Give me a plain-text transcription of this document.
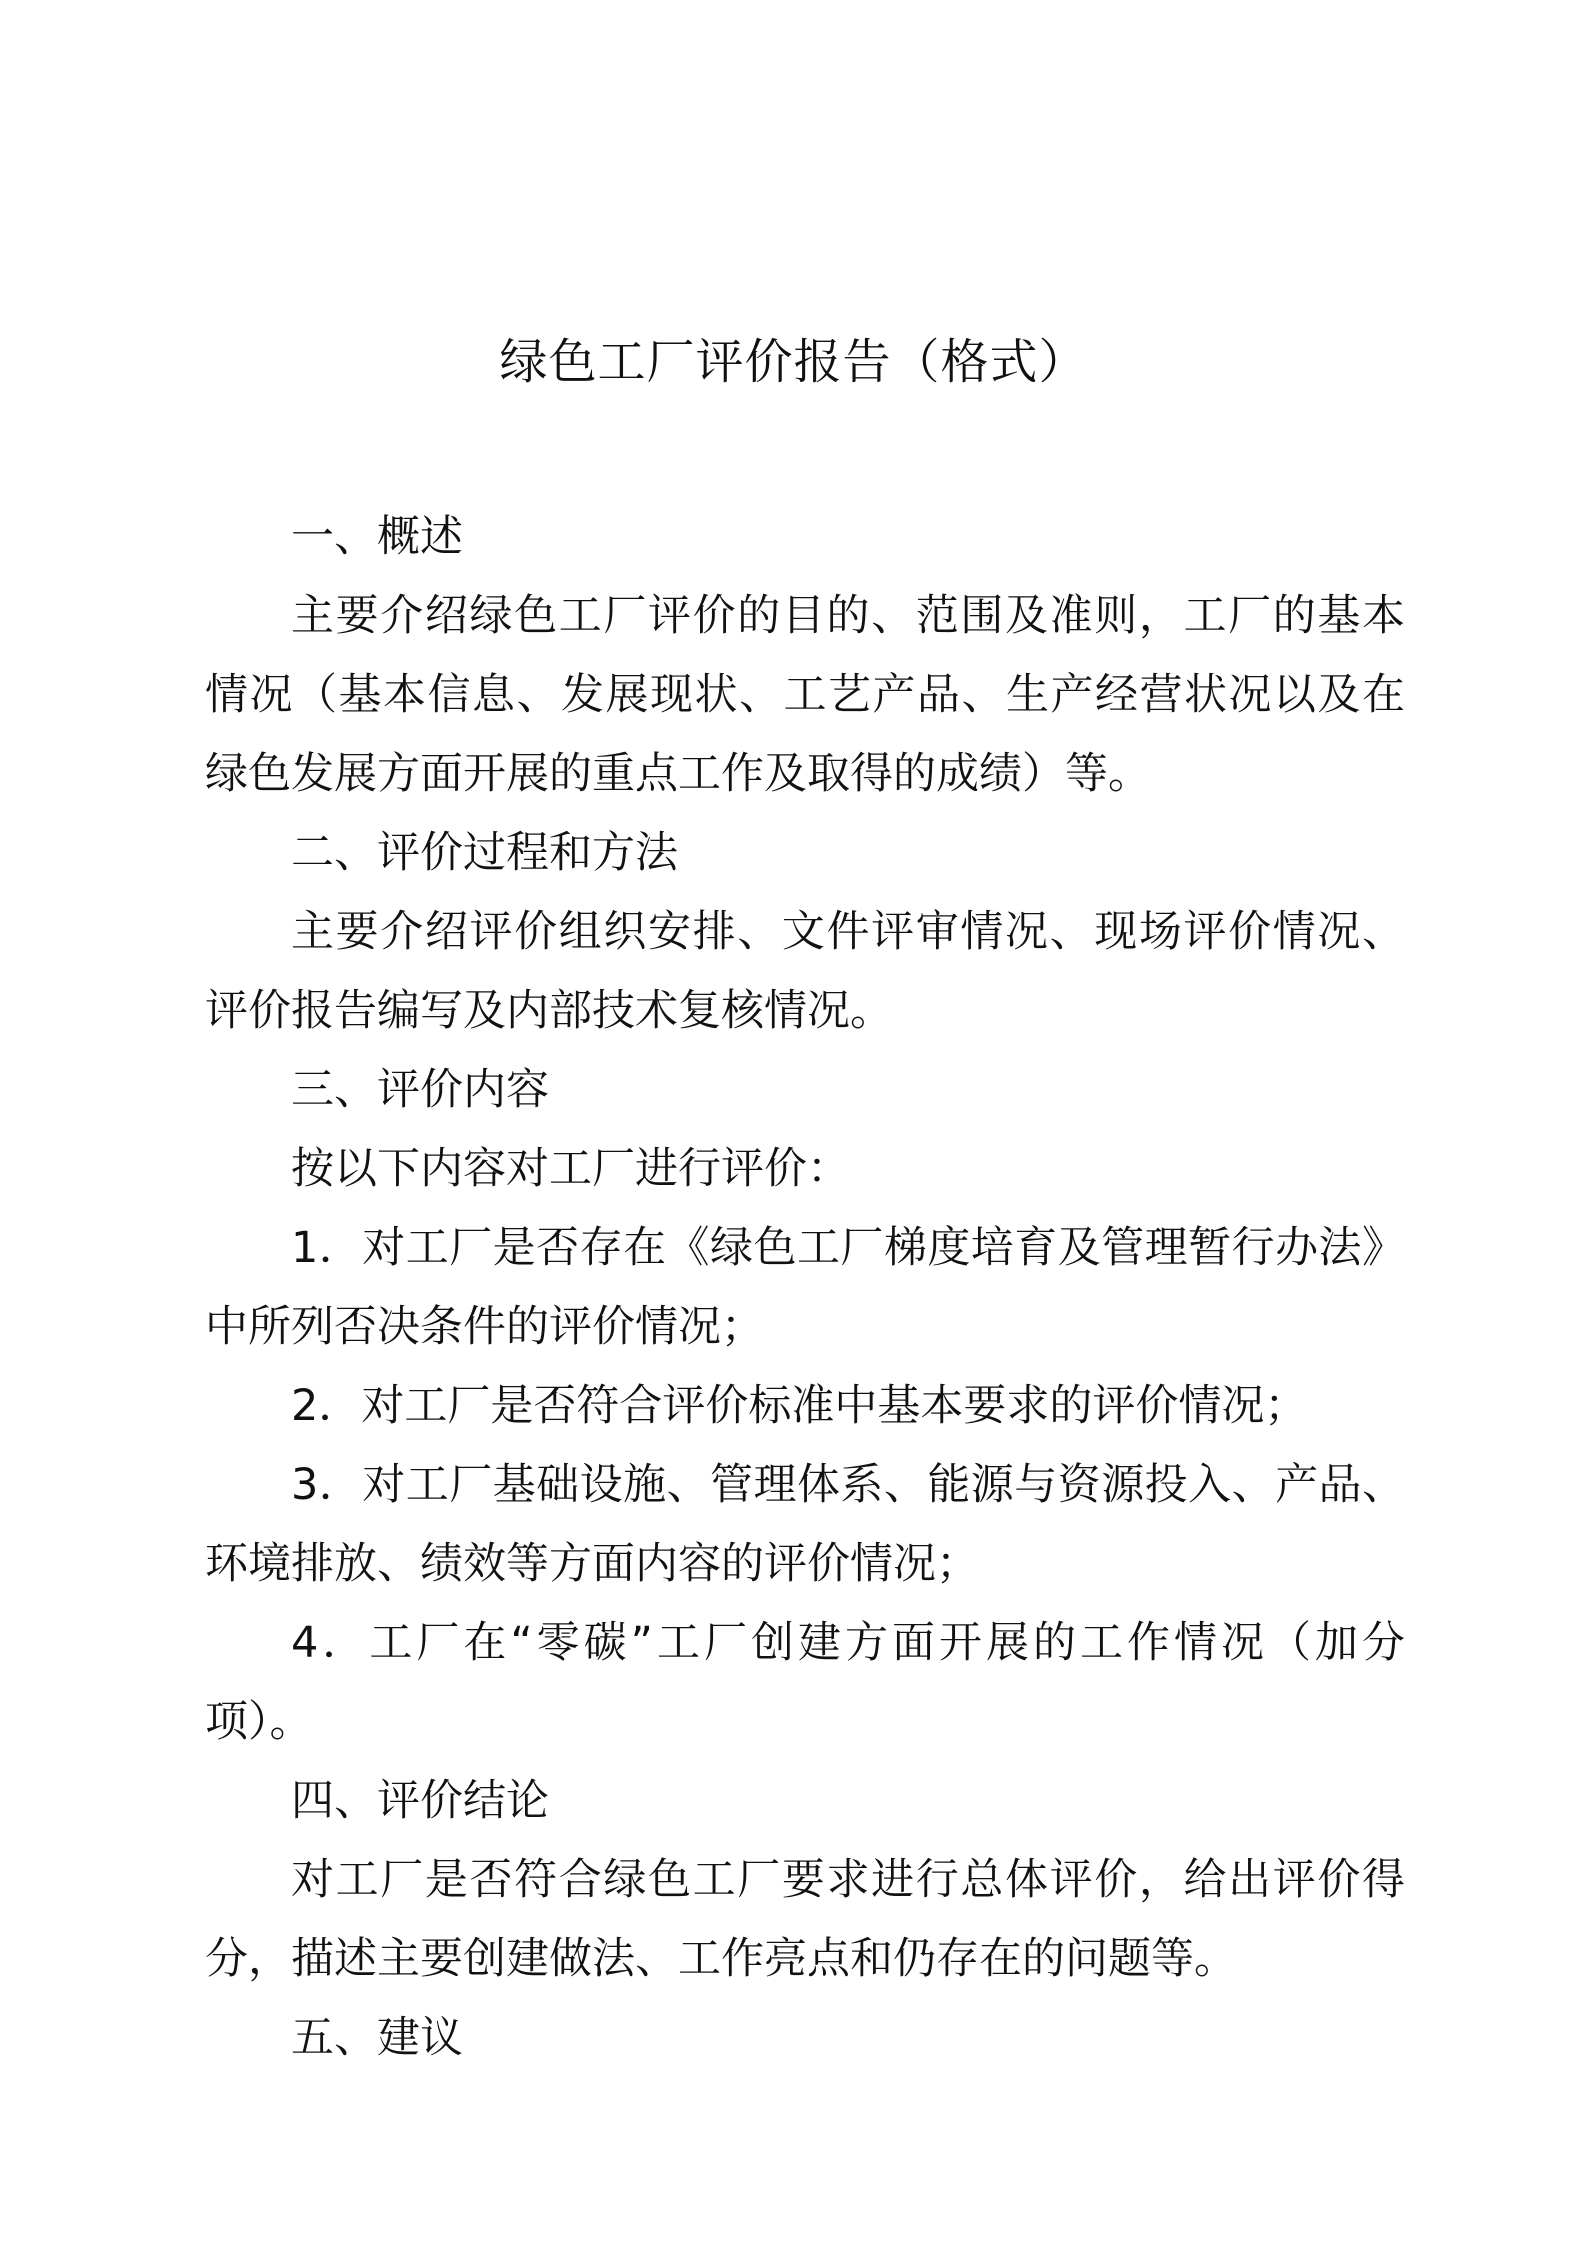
绿色工厂评价报告（格式）

一、概述

主要介绍绿色工厂评价的目的、范围及准则，工厂的基本情况（基本信息、发展现状、工艺产品、生产经营状况以及在绿色发展方面开展的重点工作及取得的成绩）等。

二、评价过程和方法

主要介绍评价组织安排、文件评审情况、现场评价情况、评价报告编写及内部技术复核情况。

三、评价内容

按以下内容对工厂进行评价：

1．对工厂是否存在《绿色工厂梯度培育及管理暂行办法》中所列否决条件的评价情况；

2．对工厂是否符合评价标准中基本要求的评价情况；

3．对工厂基础设施、管理体系、能源与资源投入、产品、环境排放、绩效等方面内容的评价情况；

4．工厂在“零碳”工厂创建方面开展的工作情况（加分项）。

四、评价结论

对工厂是否符合绿色工厂要求进行总体评价，给出评价得分，描述主要创建做法、工作亮点和仍存在的问题等。

五、建议
